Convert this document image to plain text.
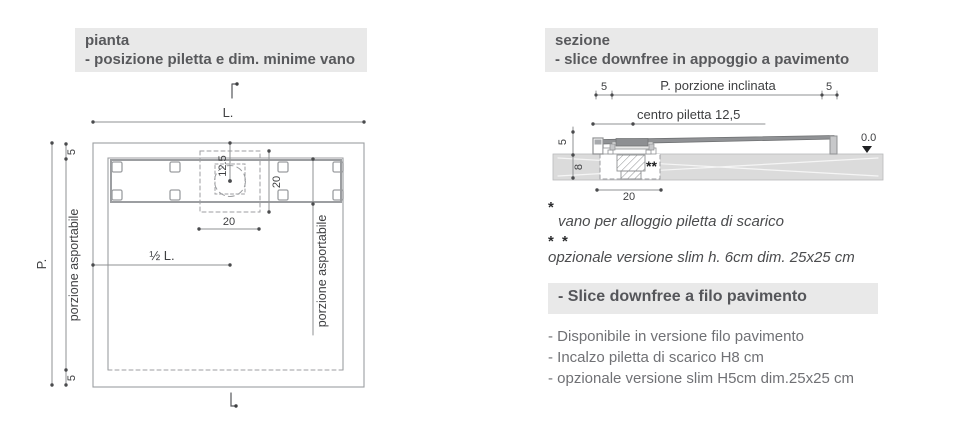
pianta
- posizione piletta e dim. minime vano
sezione
- slice downfree in appoggio a pavimento
L.
½ L.
5
porzione asportabile
5
P.
12.5
20
20	porzione asportabile
**
5	P. porzione inclinata	5
centro piletta 12,5
5
8
20
0.0
*
vano per alloggio piletta di scarico
* *
opzionale versione slim h. 6cm dim. 25x25 cm
- Slice downfree a filo pavimento
- Disponibile in versione filo pavimento
- Incalzo piletta di scarico H8 cm
- opzionale versione slim H5cm dim.25x25 cm
